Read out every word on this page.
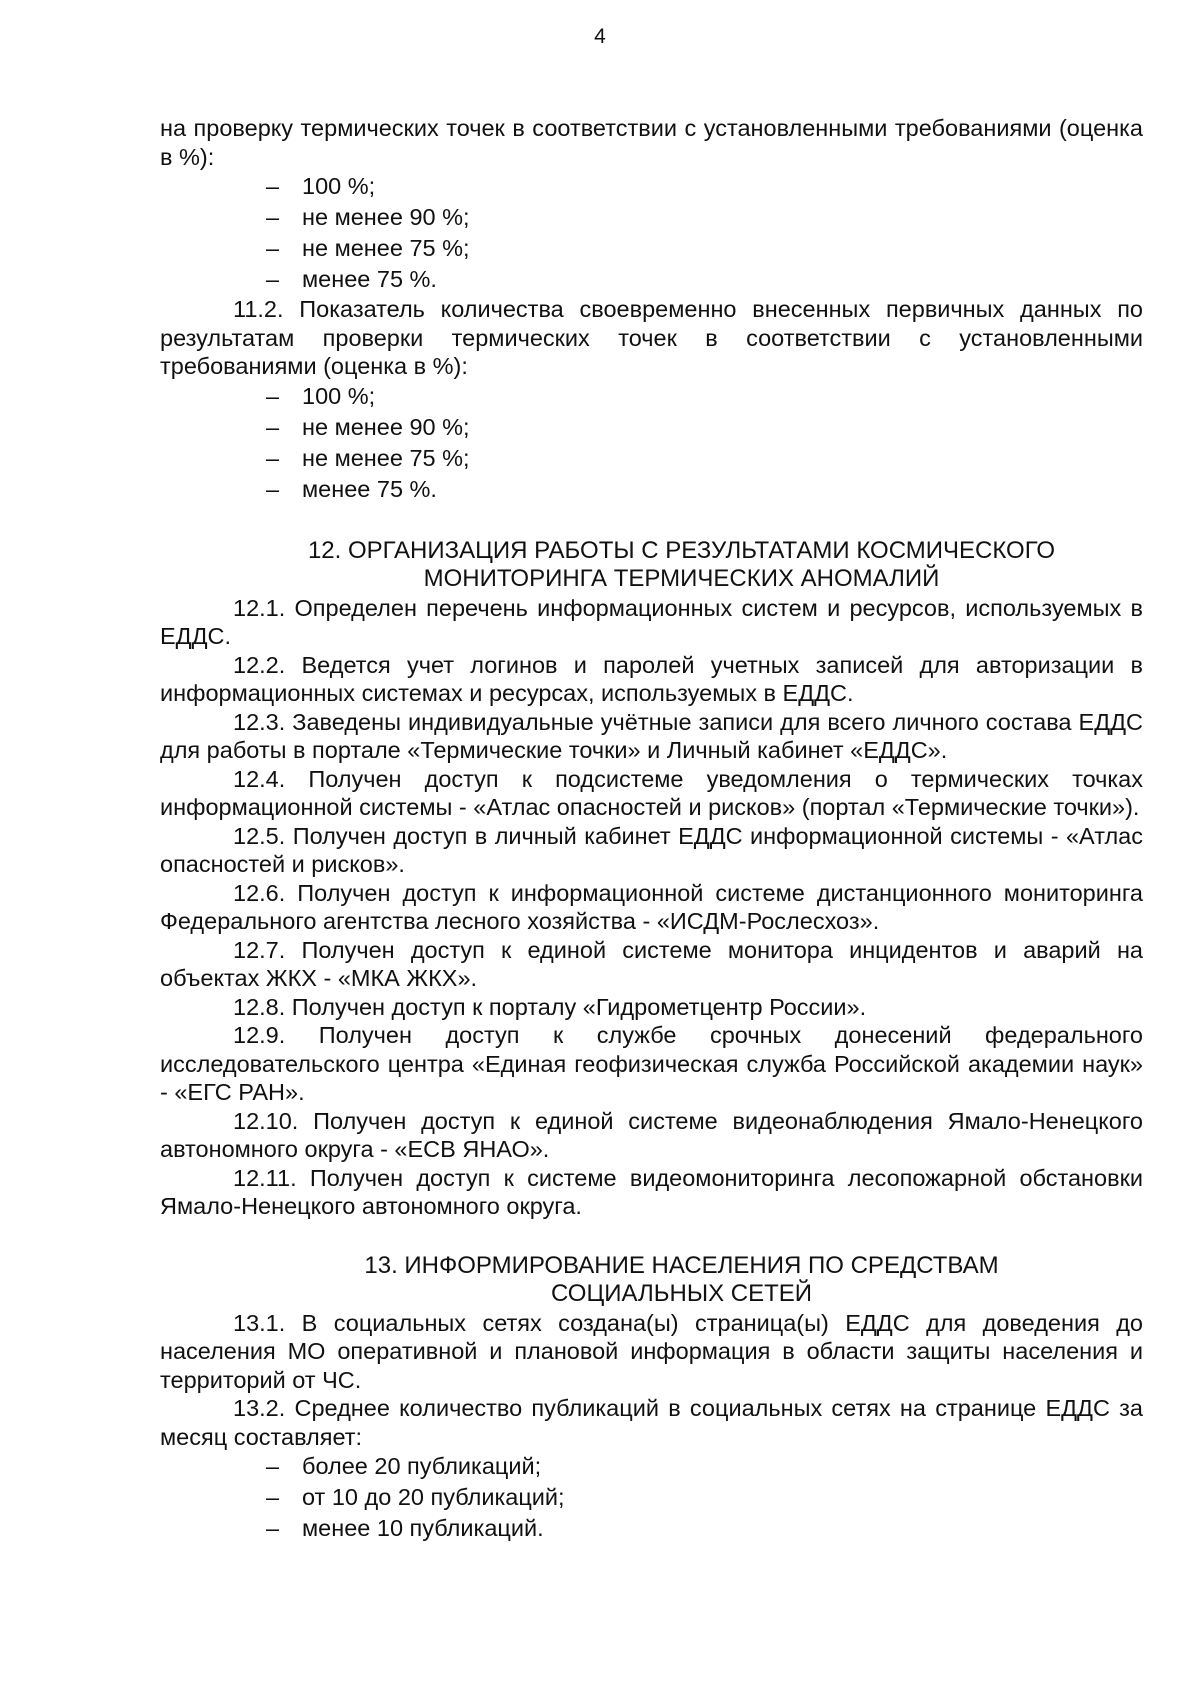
4

на проверку термических точек в соответствии с установленными требованиями (оценка в %):

– 100 %;
– не менее 90 %;
– не менее 75 %;
– менее 75 %.

11.2. Показатель количества своевременно внесенных первичных данных по результатам проверки термических точек в соответствии с установленными требованиями (оценка в %):

– 100 %;
– не менее 90 %;
– не менее 75 %;
– менее 75 %.
12. ОРГАНИЗАЦИЯ РАБОТЫ С РЕЗУЛЬТАТАМИ КОСМИЧЕСКОГО
МОНИТОРИНГА ТЕРМИЧЕСКИХ АНОМАЛИЙ

12.1. Определен перечень информационных систем и ресурсов, используемых в ЕДДС.

12.2. Ведется учет логинов и паролей учетных записей для авторизации в информационных системах и ресурсах, используемых в ЕДДС.

12.3. Заведены индивидуальные учётные записи для всего личного состава ЕДДС для работы в портале «Термические точки» и Личный кабинет «ЕДДС».

12.4. Получен доступ к подсистеме уведомления о термических точках информационной системы - «Атлас опасностей и рисков» (портал «Термические точки»).

12.5. Получен доступ в личный кабинет ЕДДС информационной системы - «Атлас опасностей и рисков».

12.6. Получен доступ к информационной системе дистанционного мониторинга Федерального агентства лесного хозяйства - «ИСДМ-Рослесхоз».

12.7. Получен доступ к единой системе монитора инцидентов и аварий на объектах ЖКХ - «МКА ЖКХ».

12.8. Получен доступ к порталу «Гидрометцентр России».

12.9. Получен доступ к службе срочных донесений федерального исследовательского центра «Единая геофизическая служба Российской академии наук» - «ЕГС РАН».

12.10. Получен доступ к единой системе видеонаблюдения Ямало-Ненецкого автономного округа - «ЕСВ ЯНАО».

12.11. Получен доступ к системе видеомониторинга лесопожарной обстановки Ямало-Ненецкого автономного округа.

13. ИНФОРМИРОВАНИЕ НАСЕЛЕНИЯ ПО СРЕДСТВАМ
СОЦИАЛЬНЫХ СЕТЕЙ

13.1. В социальных сетях создана(ы) страница(ы) ЕДДС для доведения до населения МО оперативной и плановой информация в области защиты населения и территорий от ЧС.

13.2. Среднее количество публикаций в социальных сетях на странице ЕДДС за месяц составляет:

– более 20 публикаций;
– от 10 до 20 публикаций;
– менее 10 публикаций.
